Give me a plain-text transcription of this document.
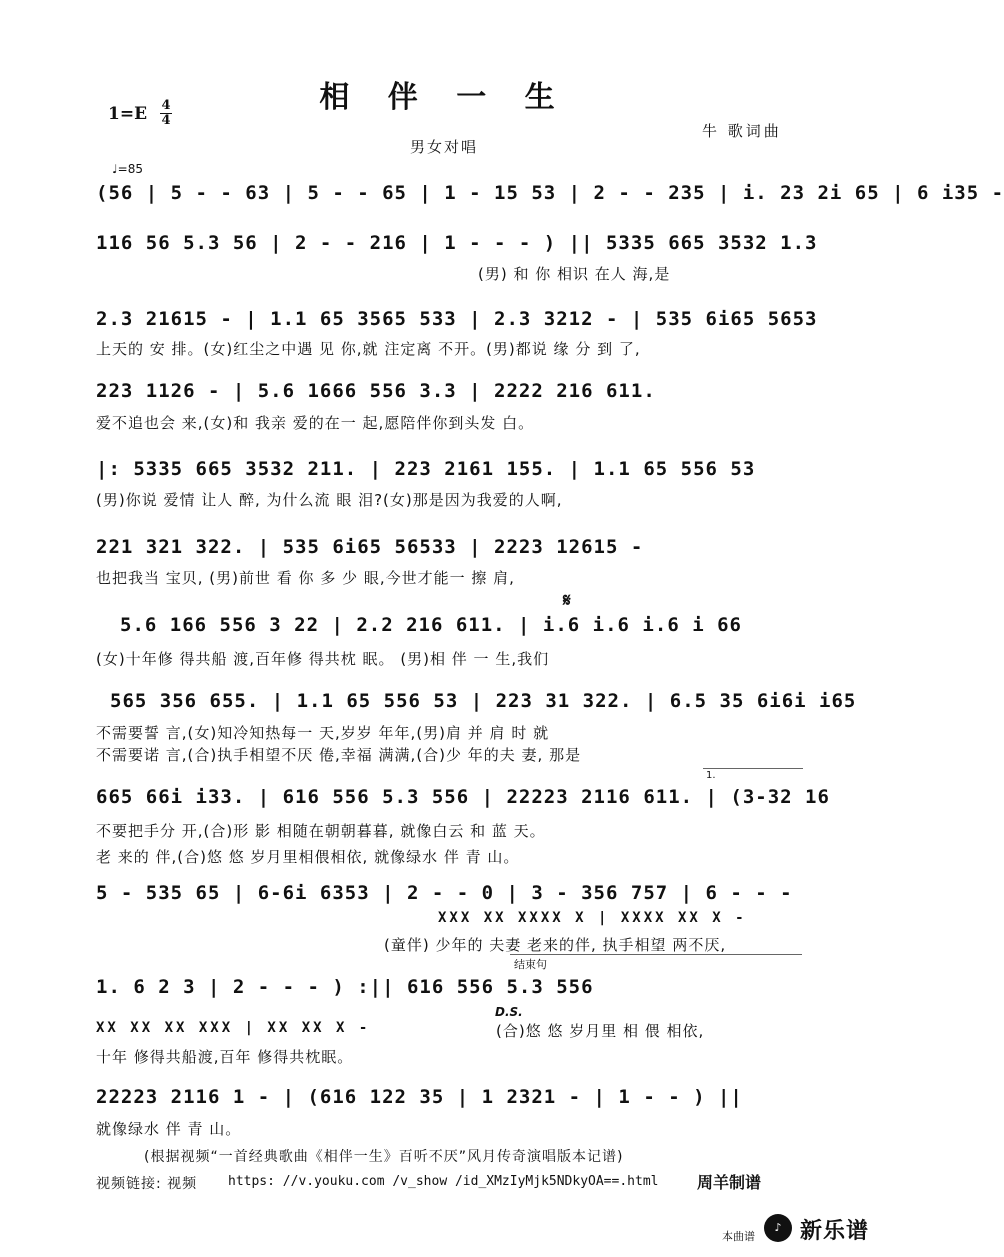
相 伴 一 生
1=E 4
4
牛 歌词曲
男女对唱
♩=85
(56 | 5 - - 63 | 5 - - 65 | 1 - 15 53 | 2 - - 235 | i. 23 2i 65 | 6 i35 -
116 56 5.3 56 | 2 - - 216 | 1 - - - ) || 5335 665 3532 1.3
(男) 和 你 相识 在人 海,是
2.3 21615 - | 1.1 65 3565 533 | 2.3 3212 - | 535 6i65 5653
上天的 安 排。(女)红尘之中遇 见 你,就 注定离 不开。(男)都说 缘 分 到 了,
223 1126 - | 5.6 1666 556 3.3 | 2222 216 611.
爱不追也会 来,(女)和 我亲 爱的在一 起,愿陪伴你到头发 白。
|: 5335 665 3532 211. | 223 2161 155. | 1.1 65 556 53
(男)你说 爱情 让人 醉, 为什么流 眼 泪?(女)那是因为我爱的人啊,
221 321 322. | 535 6i65 56533 | 2223 12615 -
也把我当 宝贝, (男)前世 看 你 多 少 眼,今世才能一 擦 肩,
𝄋
5.6 166 556 3 22 | 2.2 216 611. | i.6 i.6 i.6 i 66
(女)十年修 得共船 渡,百年修 得共枕 眠。 (男)相 伴 一 生,我们
565 356 655. | 1.1 65 556 53 | 223 31 322. | 6.5 35 6i6i i65
不需要誓 言,(女)知冷知热每一 天,岁岁 年年,(男)肩 并 肩 时 就
不需要诺 言,(合)执手相望不厌 倦,幸福 满满,(合)少 年的夫 妻, 那是
1.
665 66i i33. | 616 556 5.3 556 | 22223 2116 611. | (3-32 16
不要把手分 开,(合)形 影 相随在朝朝暮暮, 就像白云 和 蓝 天。
老 来的 伴,(合)悠 悠 岁月里相偎相依, 就像绿水 伴 青 山。
5 - 535 65 | 6-6i 6353 | 2 - - 0 | 3 - 356 757 | 6 - - -
XXX XX XXXX X | XXXX XX X -
(童伴) 少年的 夫妻 老来的伴, 执手相望 两不厌,
结束句
1. 6 2 3 | 2 - - - ) :|| 616 556 5.3 556
D.S.
XX XX XX XXX | XX XX X -	(合)悠 悠 岁月里 相 偎 相依,
十年 修得共船渡,百年 修得共枕眠。
22223 2116 1 - | (616 122 35 | 1 2321 - | 1 - - ) ||
就像绿水 伴 青 山。
(根据视频“一首经典歌曲《相伴一生》百听不厌”风月传奇演唱版本记谱)
视频链接: 视频 https: //v.youku.com /v_show /id_XMzIyMjk5NDkyOA==.html 周羊制谱
本曲谱
♪ 新乐谱
